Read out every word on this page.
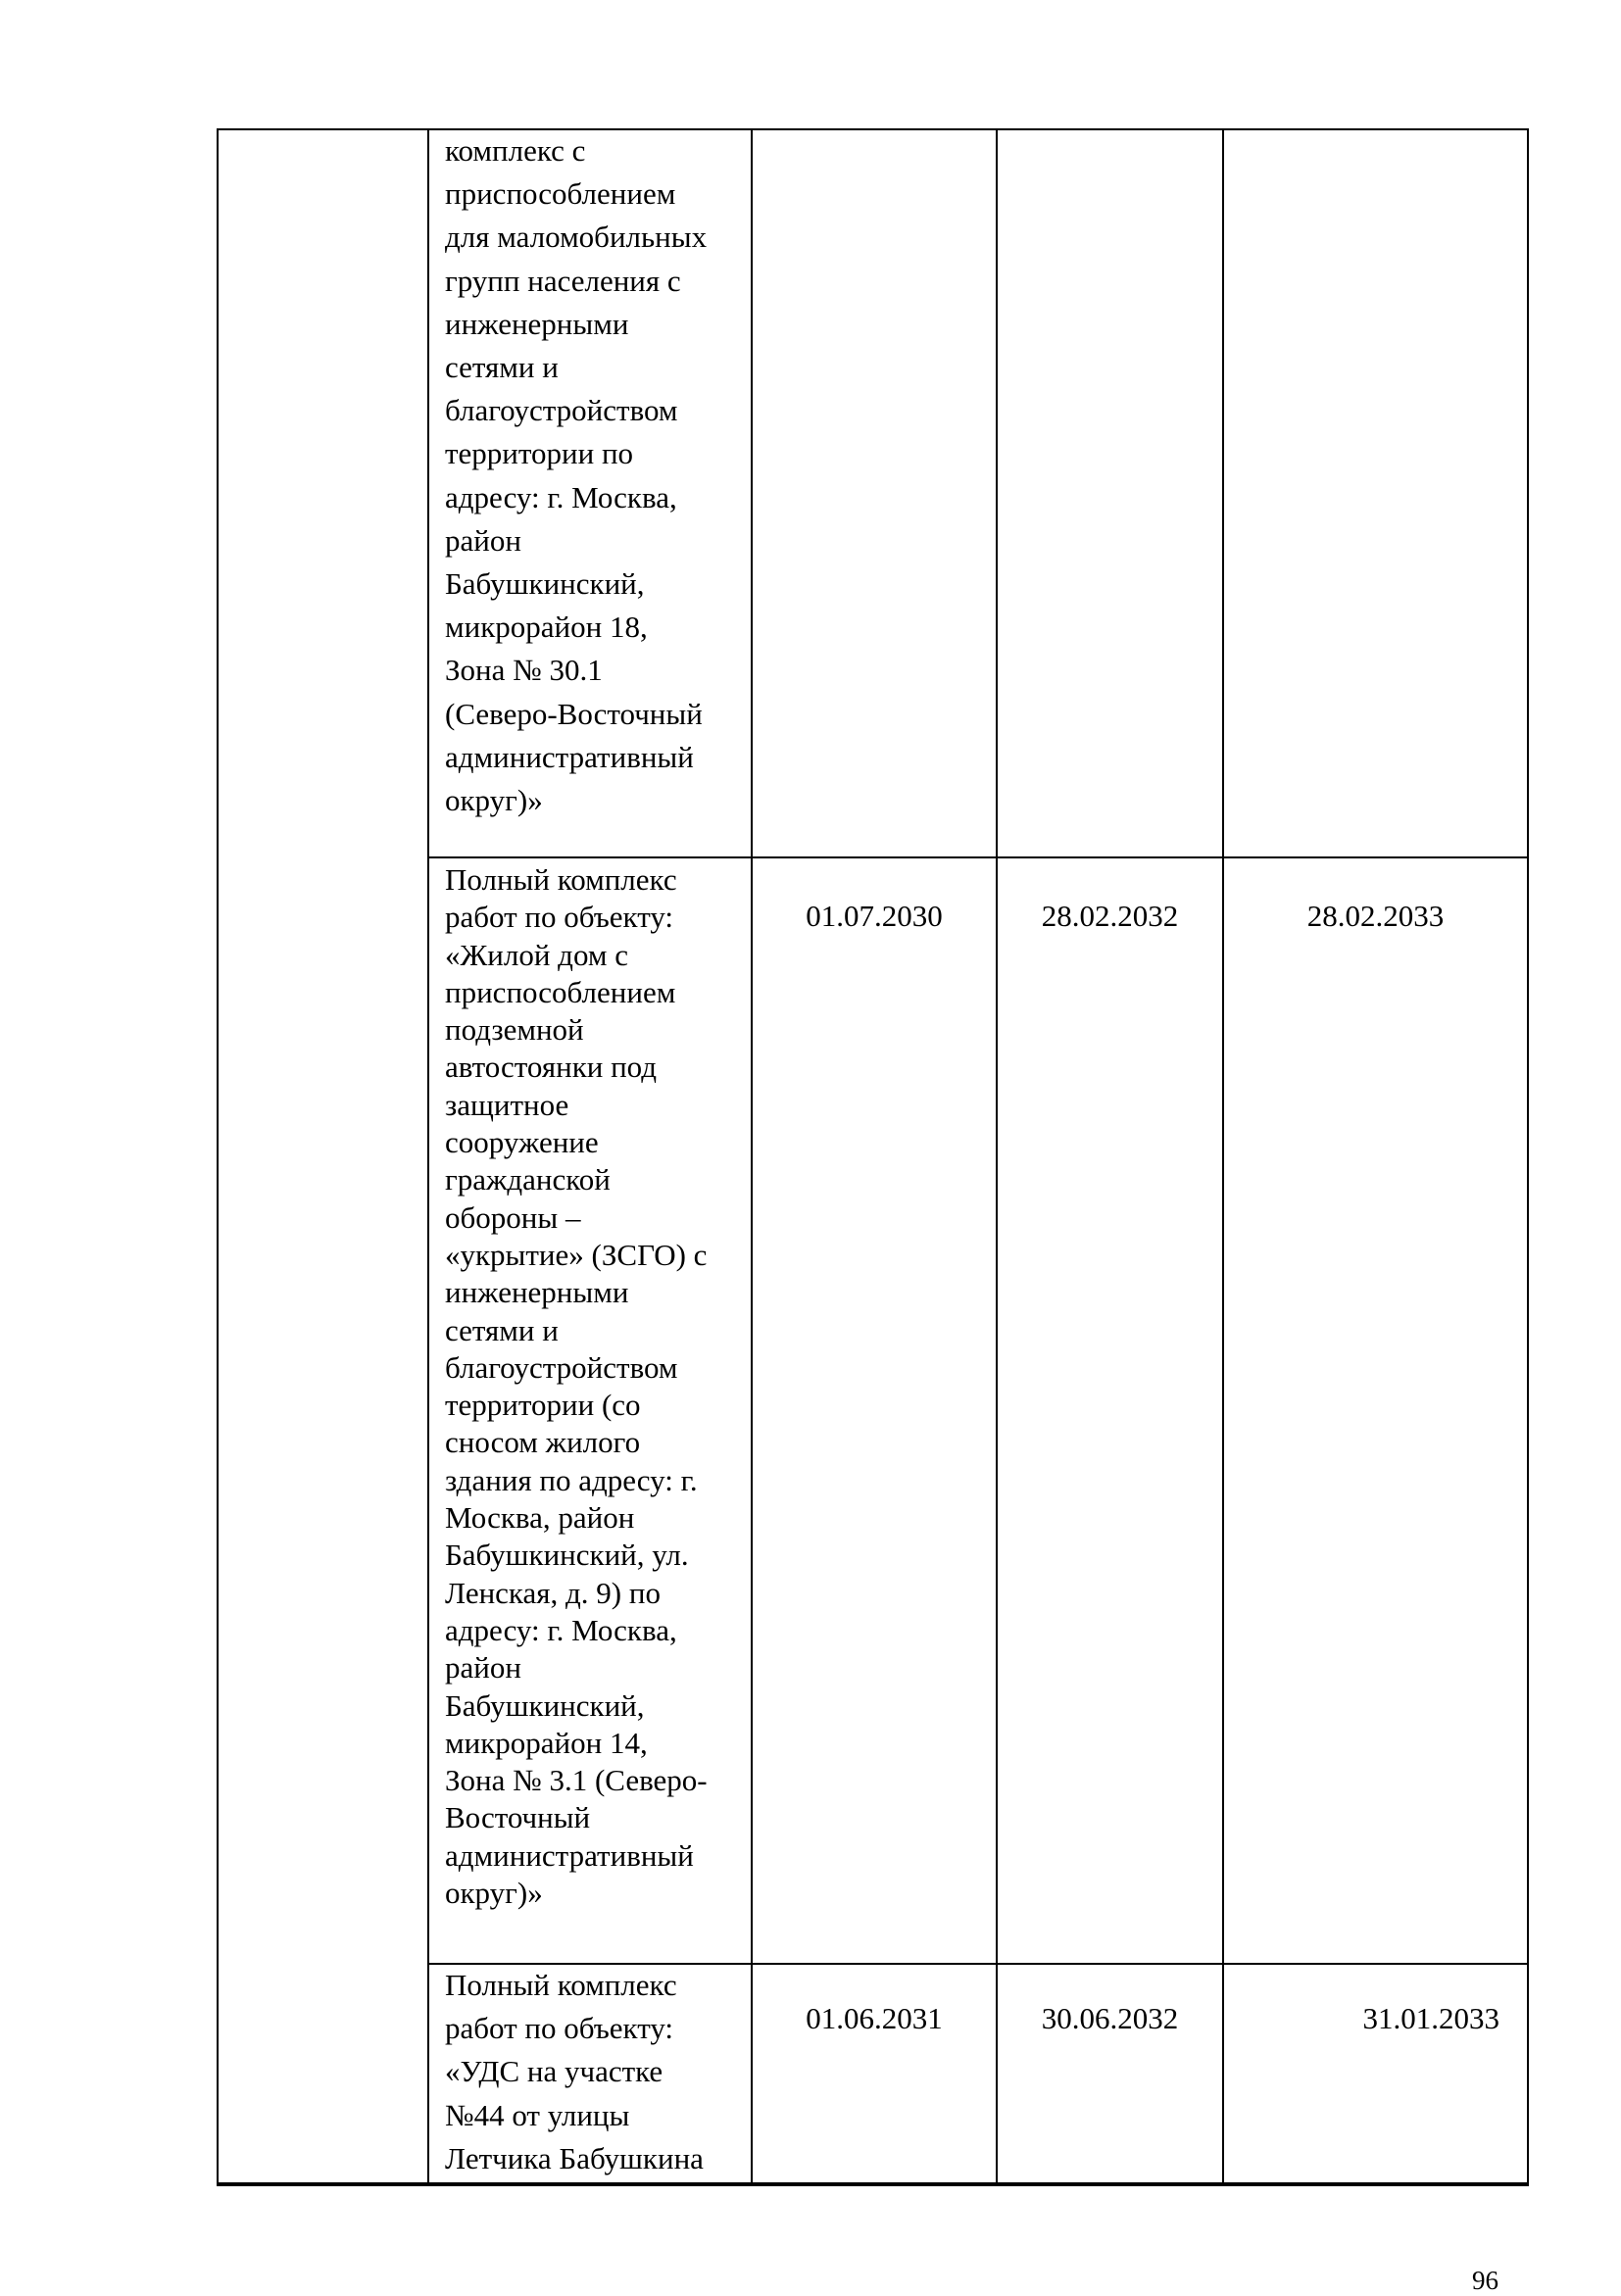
комплекс с
приспособлением
для маломобильных
групп населения с
инженерными
сетями и
благоустройством
территории по
адресу: г. Москва,
район
Бабушкинский,
микрорайон 18,
Зона № 30.1
(Северо-Восточный
административный
округ)»
Полный комплекс
работ по объекту:
«Жилой дом с
приспособлением
подземной
автостоянки под
защитное
сооружение
гражданской
обороны –
«укрытие» (ЗСГО) с
инженерными
сетями и
благоустройством
территории (со
сносом жилого
здания по адресу: г.
Москва, район
Бабушкинский, ул.
Ленская, д. 9) по
адресу: г. Москва,
район
Бабушкинский,
микрорайон 14,
Зона № 3.1 (Северо-
Восточный
административный
округ)»
01.07.2030	28.02.2032	28.02.2033
Полный комплекс
работ по объекту:
«УДС на участке
№44 от улицы
Летчика Бабушкина
01.06.2031	30.06.2032	31.01.2033
96
